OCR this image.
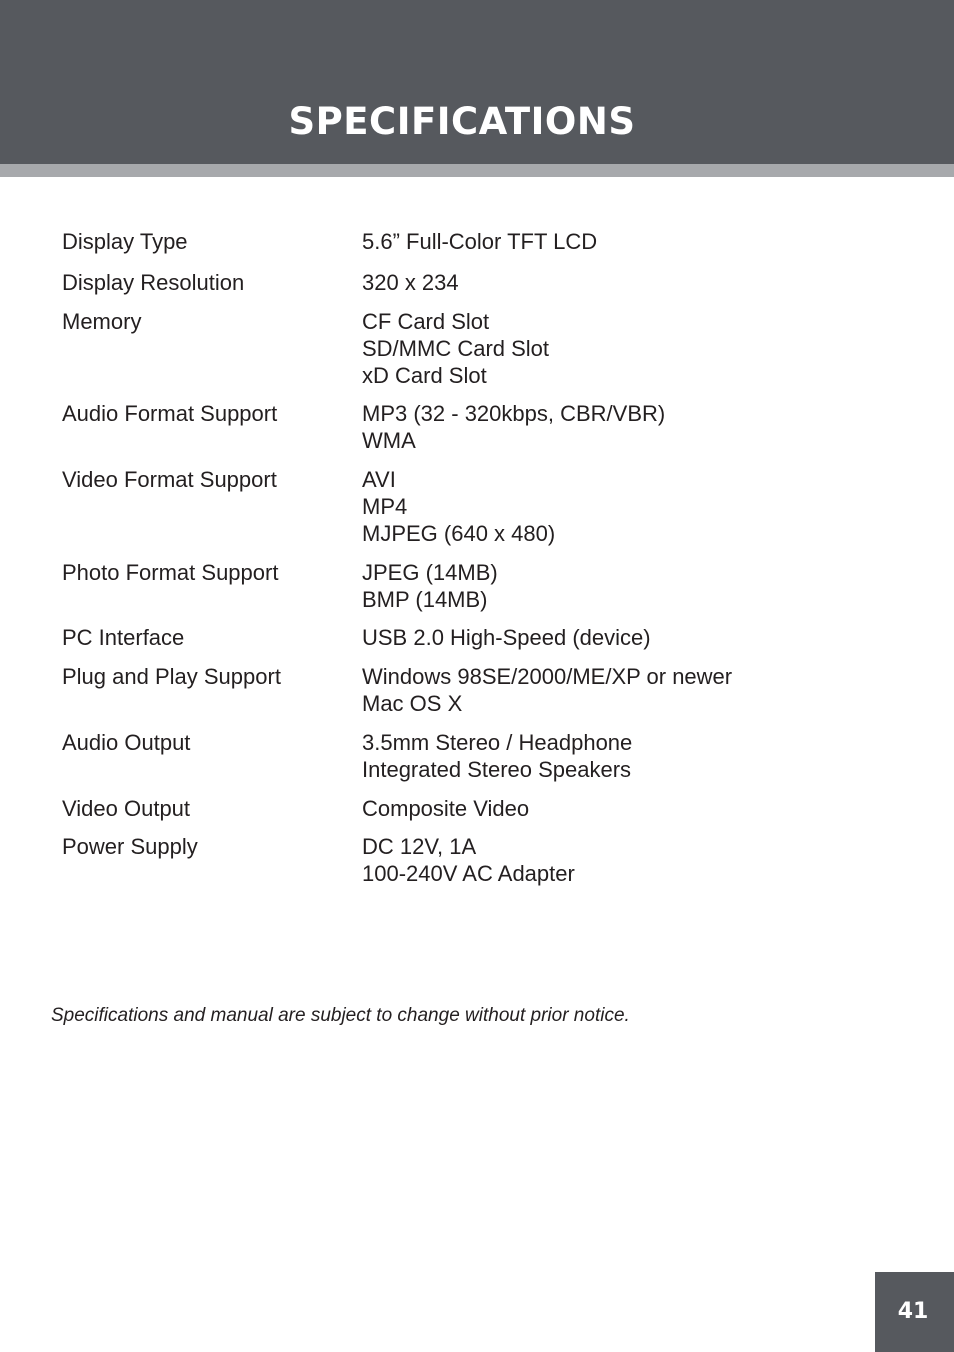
SPECIFICATIONS
Display Type	5.6” Full-Color TFT LCD
Display Resolution	320 x 234
Memory	CF Card Slot
SD/MMC Card Slot
xD Card Slot
Audio Format Support	MP3 (32 - 320kbps, CBR/VBR)
WMA
Video Format Support	AVI
MP4
MJPEG (640 x 480)
Photo Format Support	JPEG (14MB)
BMP (14MB)
PC Interface	USB 2.0 High-Speed (device)
Plug and Play Support	Windows 98SE/2000/ME/XP or newer
Mac OS X
Audio Output	3.5mm Stereo / Headphone
Integrated Stereo Speakers
Video Output	Composite Video
Power Supply	DC 12V, 1A
100-240V AC Adapter
Specifications and manual are subject to change without prior notice.
41
